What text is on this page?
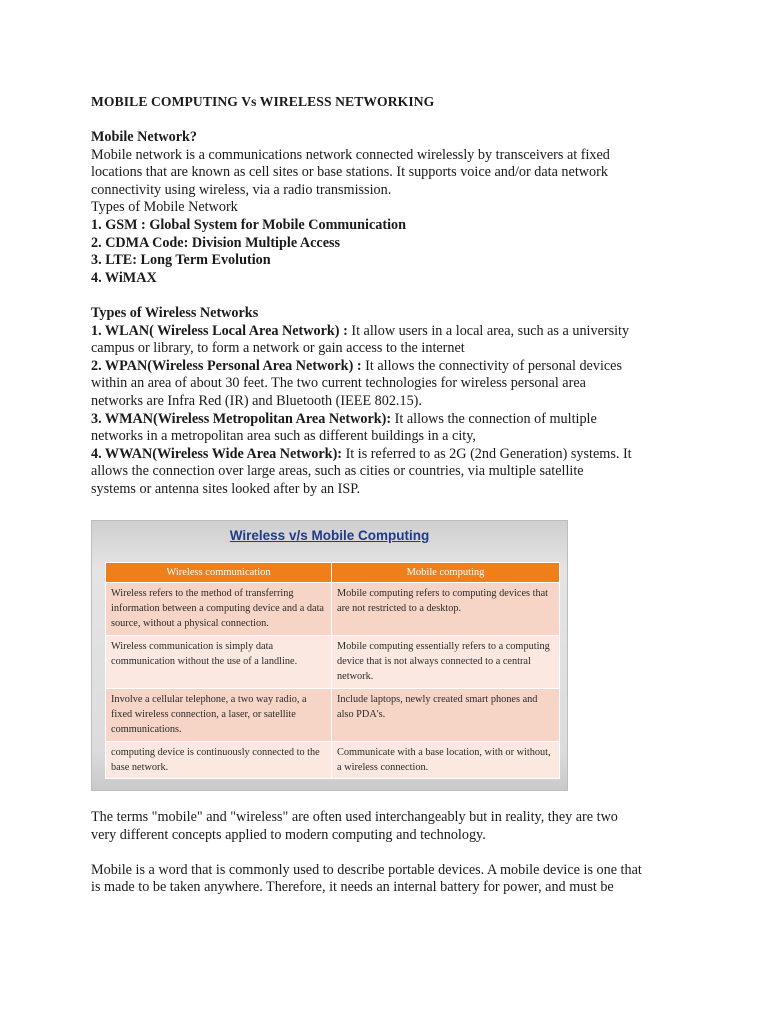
MOBILE COMPUTING Vs WIRELESS NETWORKING
Mobile Network?
Mobile network is a communications network connected wirelessly by transceivers at fixed
locations that are known as cell sites or base stations. It supports voice and/or data network
connectivity using wireless, via a radio transmission.
Types of Mobile Network
1. GSM : Global System for Mobile Communication
2. CDMA Code: Division Multiple Access
3. LTE: Long Term Evolution
4. WiMAX
Types of Wireless Networks
1. WLAN( Wireless Local Area Network) : It allow users in a local area, such as a university
campus or library, to form a network or gain access to the internet
2. WPAN(Wireless Personal Area Network) : It allows the connectivity of personal devices
within an area of about 30 feet. The two current technologies for wireless personal area
networks are Infra Red (IR) and Bluetooth (IEEE 802.15).
3. WMAN(Wireless Metropolitan Area Network): It allows the connection of multiple
networks in a metropolitan area such as different buildings in a city,
4. WWAN(Wireless Wide Area Network): It is referred to as 2G (2nd Generation) systems. It
allows the connection over large areas, such as cities or countries, via multiple satellite
systems or antenna sites looked after by an ISP.
Wireless v/s Mobile Computing
Wireless communication	Mobile computing
Wireless refers to the method of transferring information between a computing device and a data source, without a physical connection.	Mobile computing refers to computing devices that are not restricted to a desktop.
Wireless communication is simply data communication without the use of a landline.	Mobile computing essentially refers to a computing device that is not always connected to a central network.
Involve a cellular telephone, a two way radio, a fixed wireless connection, a laser, or satellite communications.	Include laptops, newly created smart phones and also PDA's.
computing device is continuously connected to the base network.	Communicate with a base location, with or without, a wireless connection.
The terms "mobile" and "wireless" are often used interchangeably but in reality, they are two
very different concepts applied to modern computing and technology.
Mobile is a word that is commonly used to describe portable devices. A mobile device is one that
is made to be taken anywhere. Therefore, it needs an internal battery for power, and must be
